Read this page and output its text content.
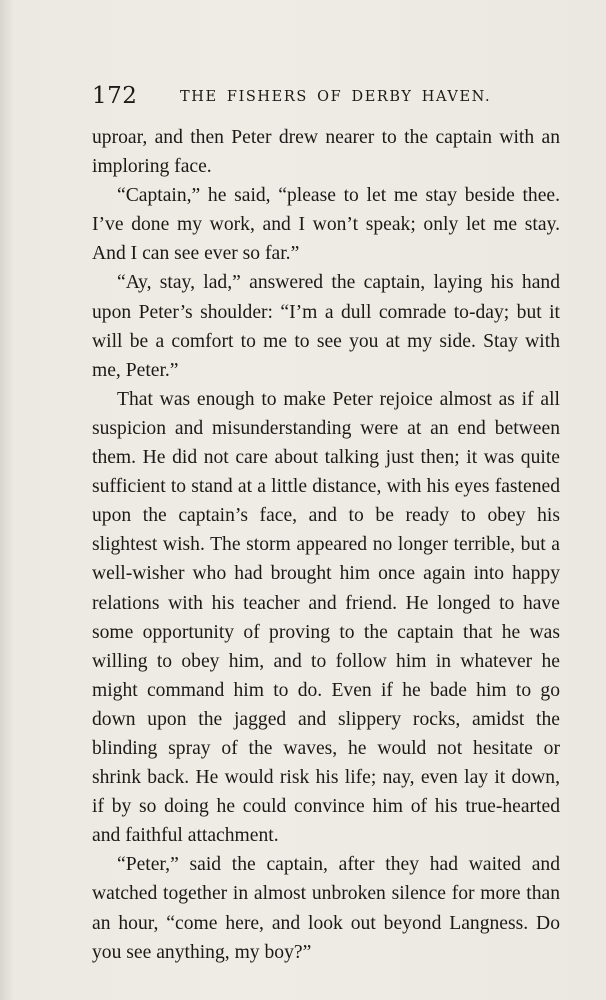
172	THE FISHERS OF DERBY HAVEN.

uproar, and then Peter drew nearer to the captain with an imploring face.

“Captain,” he said, “please to let me stay beside thee. I’ve done my work, and I won’t speak; only let me stay. And I can see ever so far.”

“Ay, stay, lad,” answered the captain, laying his hand upon Peter’s shoulder: “I’m a dull comrade to-day; but it will be a comfort to me to see you at my side. Stay with me, Peter.”

That was enough to make Peter rejoice almost as if all suspicion and misunderstanding were at an end between them. He did not care about talking just then; it was quite sufficient to stand at a little distance, with his eyes fastened upon the captain’s face, and to be ready to obey his slightest wish. The storm appeared no longer terrible, but a well-wisher who had brought him once again into happy relations with his teacher and friend. He longed to have some opportunity of proving to the captain that he was willing to obey him, and to follow him in whatever he might command him to do. Even if he bade him to go down upon the jagged and slippery rocks, amidst the blinding spray of the waves, he would not hesitate or shrink back. He would risk his life; nay, even lay it down, if by so doing he could convince him of his true-hearted and faithful attachment.

“Peter,” said the captain, after they had waited and watched together in almost unbroken silence for more than an hour, “come here, and look out beyond Langness. Do you see anything, my boy?”
